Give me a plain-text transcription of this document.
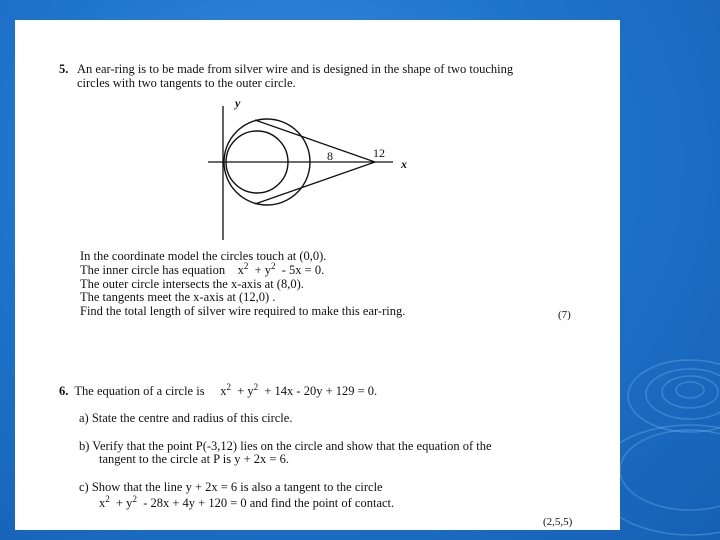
5. An ear-ring is to be made from silver wire and is designed in the shape of two touching
circles with two tangents to the outer circle.
y
8	12
x
In the coordinate model the circles touch at (0,0).
The inner circle has equation $x^2 + y^2 - 5x = 0$.
The outer circle intersects the x-axis at (8,0).
The tangents meet the x-axis at (12,0) .
Find the total length of silver wire required to make this ear-ring.	(7)
6. The equation of a circle is $x^2 + y^2 + 14x - 20y + 129 = 0$.
a) State the centre and radius of this circle.
b) Verify that the point P(-3,12) lies on the circle and show that the equation of the
tangent to the circle at P is y + 2x = 6.
c) Show that the line y + 2x = 6 is also a tangent to the circle
$x^2 + y^2 - 28x + 4y + 120 = 0$ and find the point of contact.
(2,5,5)
